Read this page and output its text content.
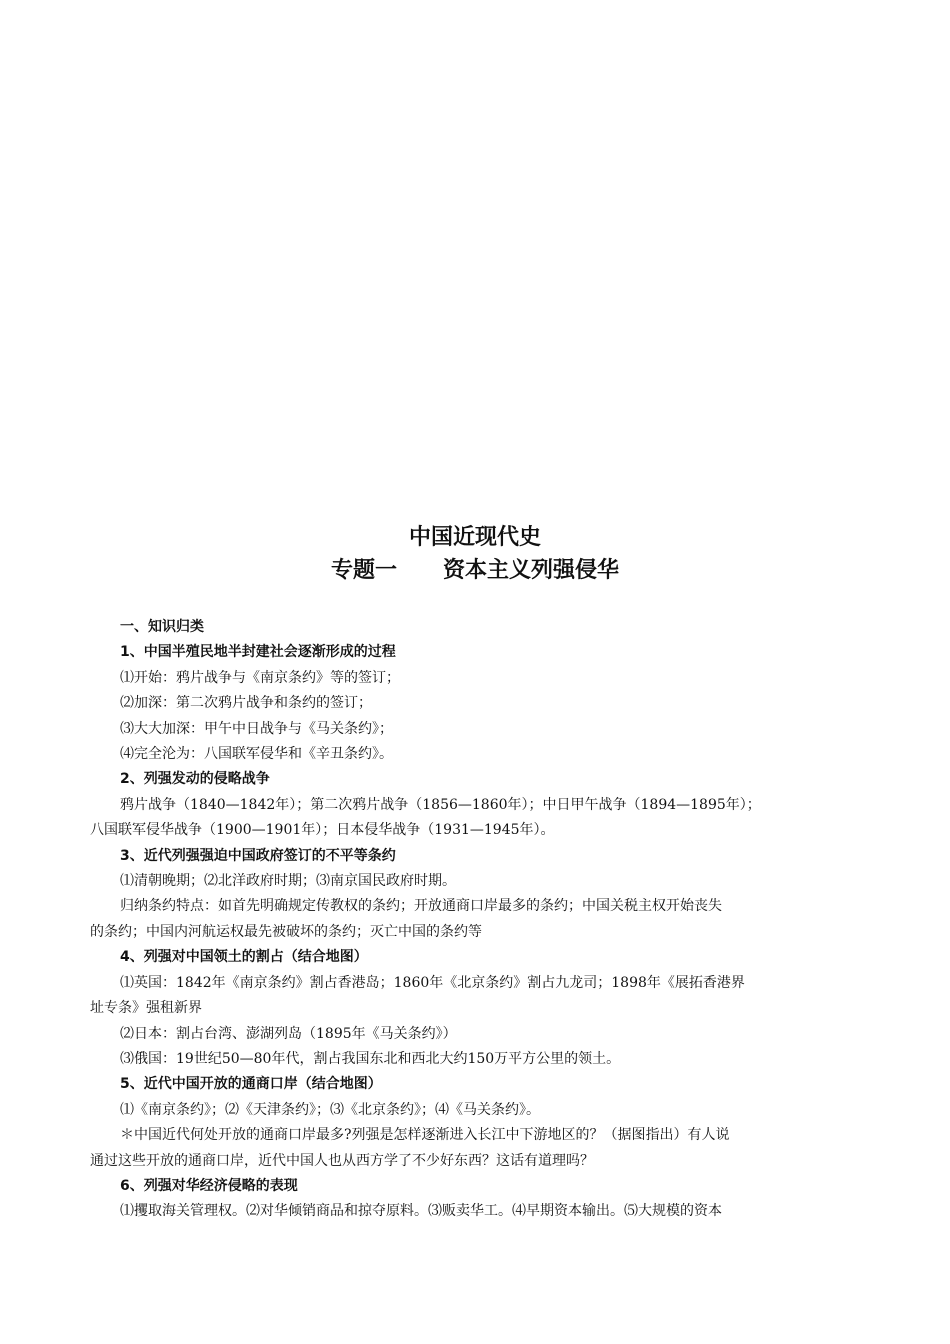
中国近现代史
专题一      资本主义列强侵华
一、知识归类
1、中国半殖民地半封建社会逐渐形成的过程
⑴开始：鸦片战争与《南京条约》等的签订；
⑵加深：第二次鸦片战争和条约的签订；
⑶大大加深：甲午中日战争与《马关条约》；
⑷完全沦为：八国联军侵华和《辛丑条约》。
2、列强发动的侵略战争
鸦片战争（1840—1842年）；第二次鸦片战争（1856—1860年）；中日甲午战争（1894—1895年）；
八国联军侵华战争（1900—1901年）；日本侵华战争（1931—1945年）。
3、近代列强强迫中国政府签订的不平等条约
⑴清朝晚期；⑵北洋政府时期；⑶南京国民政府时期。
归纳条约特点：如首先明确规定传教权的条约；开放通商口岸最多的条约；中国关税主权开始丧失
的条约；中国内河航运权最先被破坏的条约；灭亡中国的条约等
4、列强对中国领土的割占（结合地图）
⑴英国：1842年《南京条约》割占香港岛；1860年《北京条约》割占九龙司；1898年《展拓香港界
址专条》强租新界
⑵日本：割占台湾、澎湖列岛（1895年《马关条约》）
⑶俄国：19世纪50—80年代，割占我国东北和西北大约150万平方公里的领土。
5、近代中国开放的通商口岸（结合地图）
⑴《南京条约》；⑵《天津条约》；⑶《北京条约》；⑷《马关条约》。
＊中国近代何处开放的通商口岸最多?列强是怎样逐渐进入长江中下游地区的？（据图指出）有人说
通过这些开放的通商口岸，近代中国人也从西方学了不少好东西？这话有道理吗？
6、列强对华经济侵略的表现
⑴攫取海关管理权。⑵对华倾销商品和掠夺原料。⑶贩卖华工。⑷早期资本输出。⑸大规模的资本
